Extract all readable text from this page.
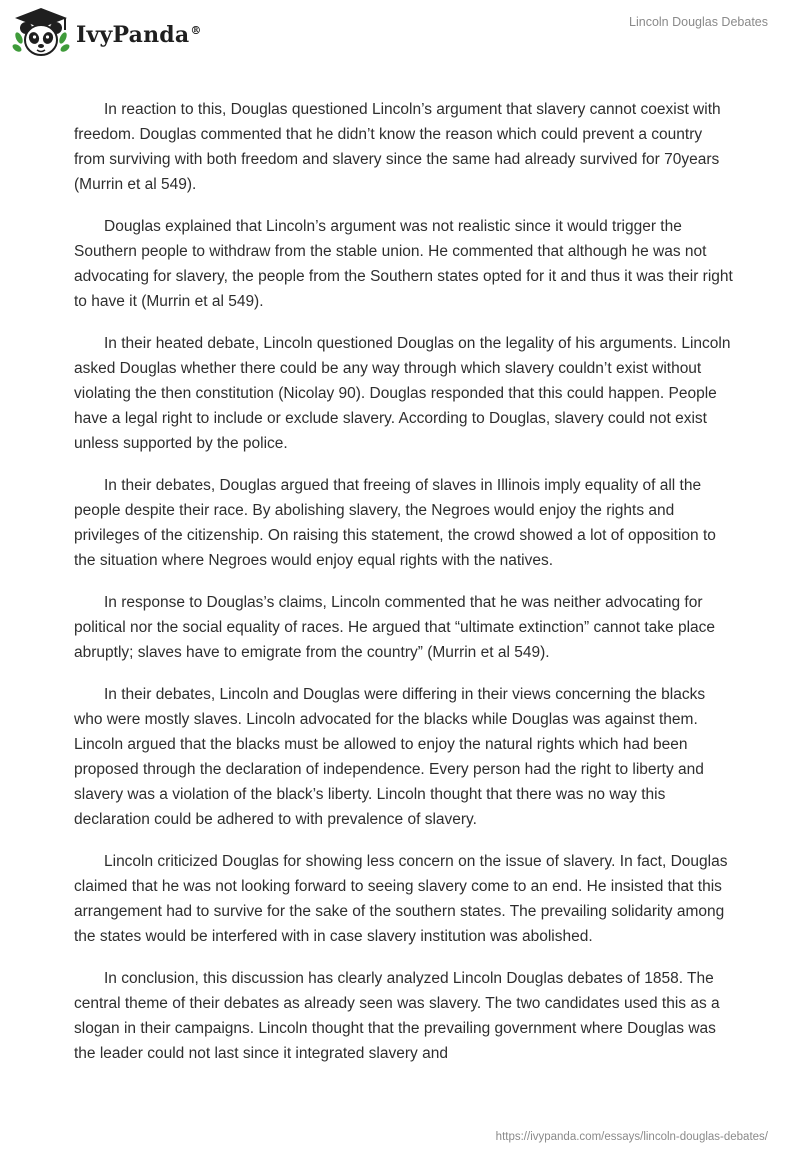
IvyPanda®
Lincoln Douglas Debates

In reaction to this, Douglas questioned Lincoln’s argument that slavery cannot coexist with freedom. Douglas commented that he didn’t know the reason which could prevent a country from surviving with both freedom and slavery since the same had already survived for 70years (Murrin et al 549).

Douglas explained that Lincoln’s argument was not realistic since it would trigger the Southern people to withdraw from the stable union. He commented that although he was not advocating for slavery, the people from the Southern states opted for it and thus it was their right to have it (Murrin et al 549).

In their heated debate, Lincoln questioned Douglas on the legality of his arguments. Lincoln asked Douglas whether there could be any way through which slavery couldn’t exist without violating the then constitution (Nicolay 90). Douglas responded that this could happen. People have a legal right to include or exclude slavery. According to Douglas, slavery could not exist unless supported by the police.

In their debates, Douglas argued that freeing of slaves in Illinois imply equality of all the people despite their race. By abolishing slavery, the Negroes would enjoy the rights and privileges of the citizenship. On raising this statement, the crowd showed a lot of opposition to the situation where Negroes would enjoy equal rights with the natives.

In response to Douglas’s claims, Lincoln commented that he was neither advocating for political nor the social equality of races. He argued that “ultimate extinction” cannot take place abruptly; slaves have to emigrate from the country” (Murrin et al 549).

In their debates, Lincoln and Douglas were differing in their views concerning the blacks who were mostly slaves. Lincoln advocated for the blacks while Douglas was against them. Lincoln argued that the blacks must be allowed to enjoy the natural rights which had been proposed through the declaration of independence. Every person had the right to liberty and slavery was a violation of the black’s liberty. Lincoln thought that there was no way this declaration could be adhered to with prevalence of slavery.

Lincoln criticized Douglas for showing less concern on the issue of slavery. In fact, Douglas claimed that he was not looking forward to seeing slavery come to an end. He insisted that this arrangement had to survive for the sake of the southern states. The prevailing solidarity among the states would be interfered with in case slavery institution was abolished.

In conclusion, this discussion has clearly analyzed Lincoln Douglas debates of 1858. The central theme of their debates as already seen was slavery. The two candidates used this as a slogan in their campaigns. Lincoln thought that the prevailing government where Douglas was the leader could not last since it integrated slavery and

https://ivypanda.com/essays/lincoln-douglas-debates/
